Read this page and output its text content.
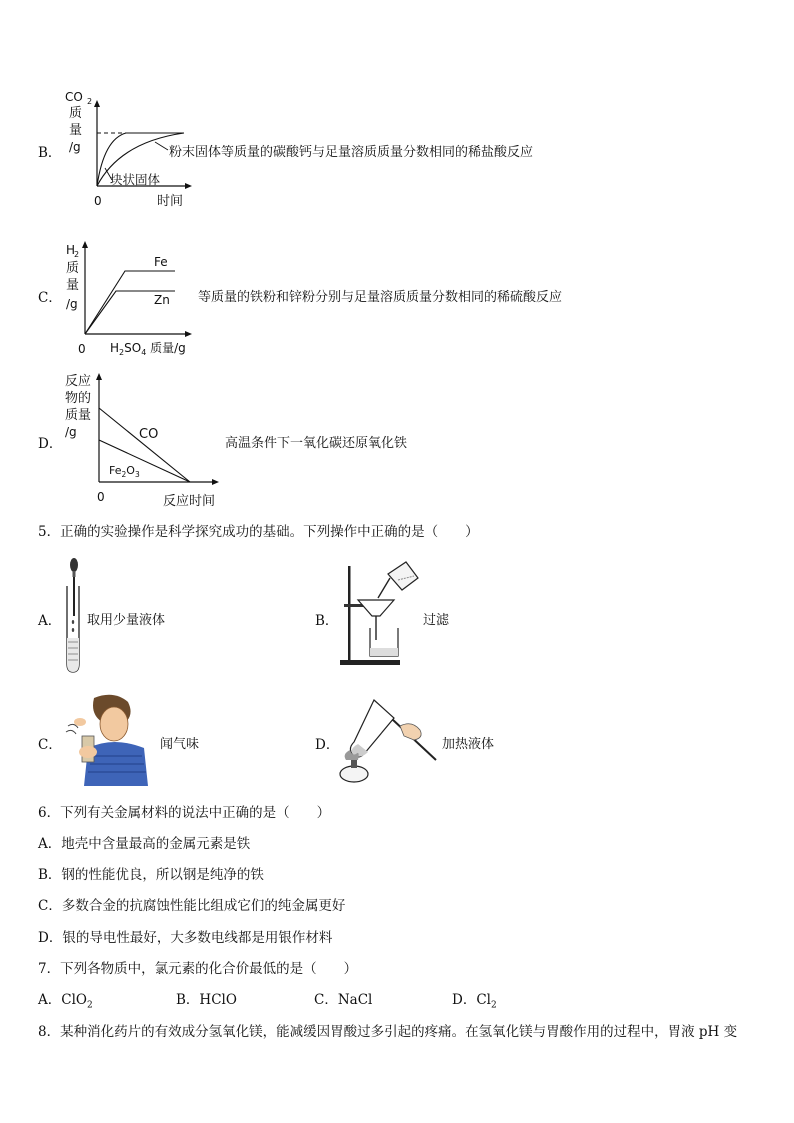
B．
CO 2
质
量
/g
块状固体
0	时间
粉末固体等质量的碳酸钙与足量溶质质量分数相同的稀盐酸反应
C．
H
2
质
量
/g
Fe
Zn
0 $H_2SO_4$ 质量/g
等质量的铁粉和锌粉分别与足量溶质质量分数相同的稀硫酸反应
D．
反应
物的
质量
/g	CO
$Fe_2O_3$
0	反应时间
高温条件下一氧化碳还原氧化铁
5．正确的实验操作是科学探究成功的基础。下列操作中正确的是（　　）
A． 取用少量液体	B．	过滤
C．	闻气味	D．	加热液体
6．下列有关金属材料的说法中正确的是（　　）
A．地壳中含量最高的金属元素是铁
B．钢的性能优良，所以钢是纯净的铁
C．多数合金的抗腐蚀性能比组成它们的纯金属更好
D．银的导电性最好，大多数电线都是用银作材料
7．下列各物质中，氯元素的化合价最低的是（　　）
A．ClO$_2$	B．HClO	C．NaCl	D．$Cl_2$
8．某种消化药片的有效成分氢氧化镁，能减缓因胃酸过多引起的疼痛。在氢氧化镁与胃酸作用的过程中，胃液 pH 变
